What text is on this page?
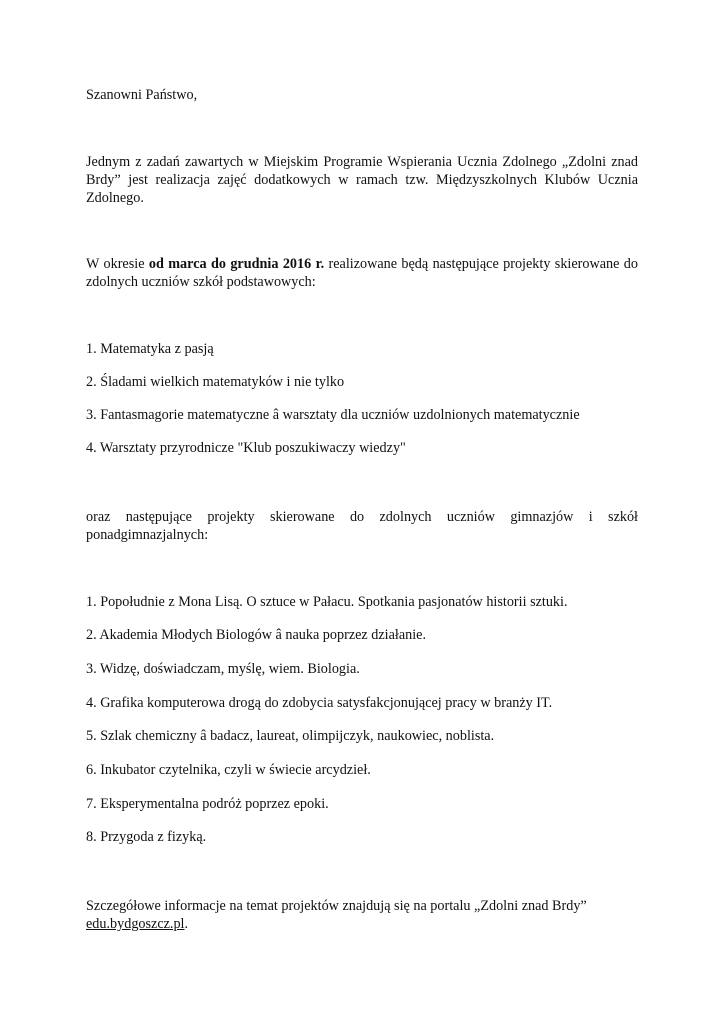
Szanowni Państwo,
Jednym z zadań zawartych w Miejskim Programie Wspierania Ucznia Zdolnego „Zdolni znad Brdy” jest realizacja zajęć dodatkowych w ramach tzw. Międzyszkolnych Klubów Ucznia Zdolnego.
W okresie od marca do grudnia 2016 r. realizowane będą następujące projekty skierowane do zdolnych uczniów szkół podstawowych:
1. Matematyka z pasją
2. Śladami wielkich matematyków i nie tylko
3. Fantasmagorie matematyczne â warsztaty dla uczniów uzdolnionych matematycznie
4. Warsztaty przyrodnicze "Klub poszukiwaczy wiedzy"
oraz następujące projekty skierowane do zdolnych uczniów gimnazjów i szkół ponadgimnazjalnych:
1. Popołudnie z Mona Lisą. O sztuce w Pałacu. Spotkania pasjonatów historii sztuki.
2. Akademia Młodych Biologów â nauka poprzez działanie.
3. Widzę, doświadczam, myślę, wiem. Biologia.
4. Grafika komputerowa drogą do zdobycia satysfakcjonującej pracy w branży IT.
5. Szlak chemiczny â badacz, laureat, olimpijczyk, naukowiec, noblista.
6. Inkubator czytelnika, czyli w świecie arcydzieł.
7. Eksperymentalna podróż poprzez epoki.
8. Przygoda z fizyką.
Szczegółowe informacje na temat projektów znajdują się na portalu „Zdolni znad Brdy”
edu.bydgoszcz.pl.
